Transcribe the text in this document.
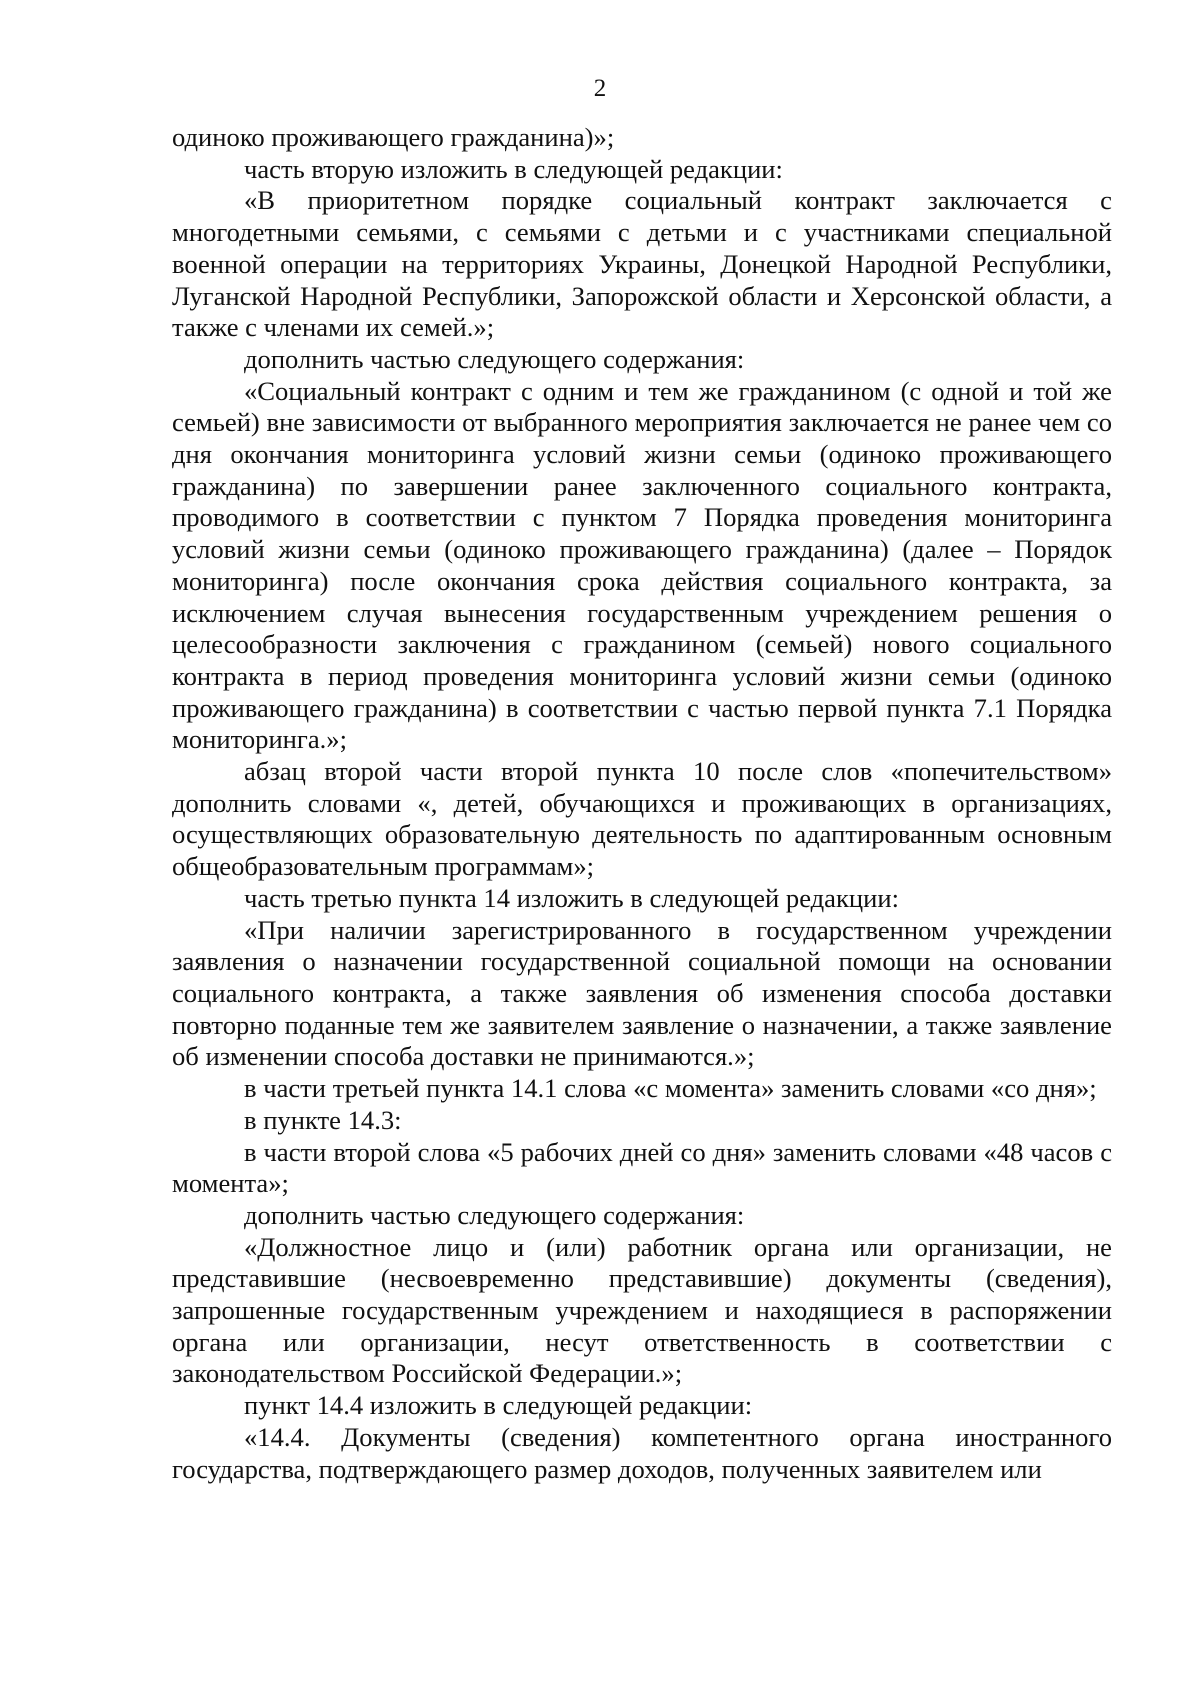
2

одиноко проживающего гражданина)»;

часть вторую изложить в следующей редакции:

«В приоритетном порядке социальный контракт заключается с многодетными семьями, с семьями с детьми и с участниками специальной военной операции на территориях Украины, Донецкой Народной Республики, Луганской Народной Республики, Запорожской области и Херсонской области, а также с членами их семей.»;

дополнить частью следующего содержания:

«Социальный контракт с одним и тем же гражданином (с одной и той же семьей) вне зависимости от выбранного мероприятия заключается не ранее чем со дня окончания мониторинга условий жизни семьи (одиноко проживающего гражданина) по завершении ранее заключенного социального контракта, проводимого в соответствии с пунктом 7 Порядка проведения мониторинга условий жизни семьи (одиноко проживающего гражданина) (далее – Порядок мониторинга) после окончания срока действия социального контракта, за исключением случая вынесения государственным учреждением решения о целесообразности заключения с гражданином (семьей) нового социального контракта в период проведения мониторинга условий жизни семьи (одиноко проживающего гражданина) в соответствии с частью первой пункта 7.1 Порядка мониторинга.»;

абзац второй части второй пункта 10 после слов «попечительством» дополнить словами «, детей, обучающихся и проживающих в организациях, осуществляющих образовательную деятельность по адаптированным основным общеобразовательным программам»;

часть третью пункта 14 изложить в следующей редакции:

«При наличии зарегистрированного в государственном учреждении заявления о назначении государственной социальной помощи на основании социального контракта, а также заявления об изменения способа доставки повторно поданные тем же заявителем заявление о назначении, а также заявление об изменении способа доставки не принимаются.»;

в части третьей пункта 14.1 слова «с момента» заменить словами «со дня»;

в пункте 14.3:

в части второй слова «5 рабочих дней со дня» заменить словами «48 часов с момента»;

дополнить частью следующего содержания:

«Должностное лицо и (или) работник органа или организации, не представившие (несвоевременно представившие) документы (сведения), запрошенные государственным учреждением и находящиеся в распоряжении органа или организации, несут ответственность в соответствии с законодательством Российской Федерации.»;

пункт 14.4 изложить в следующей редакции:

«14.4. Документы (сведения) компетентного органа иностранного государства, подтверждающего размер доходов, полученных заявителем или
